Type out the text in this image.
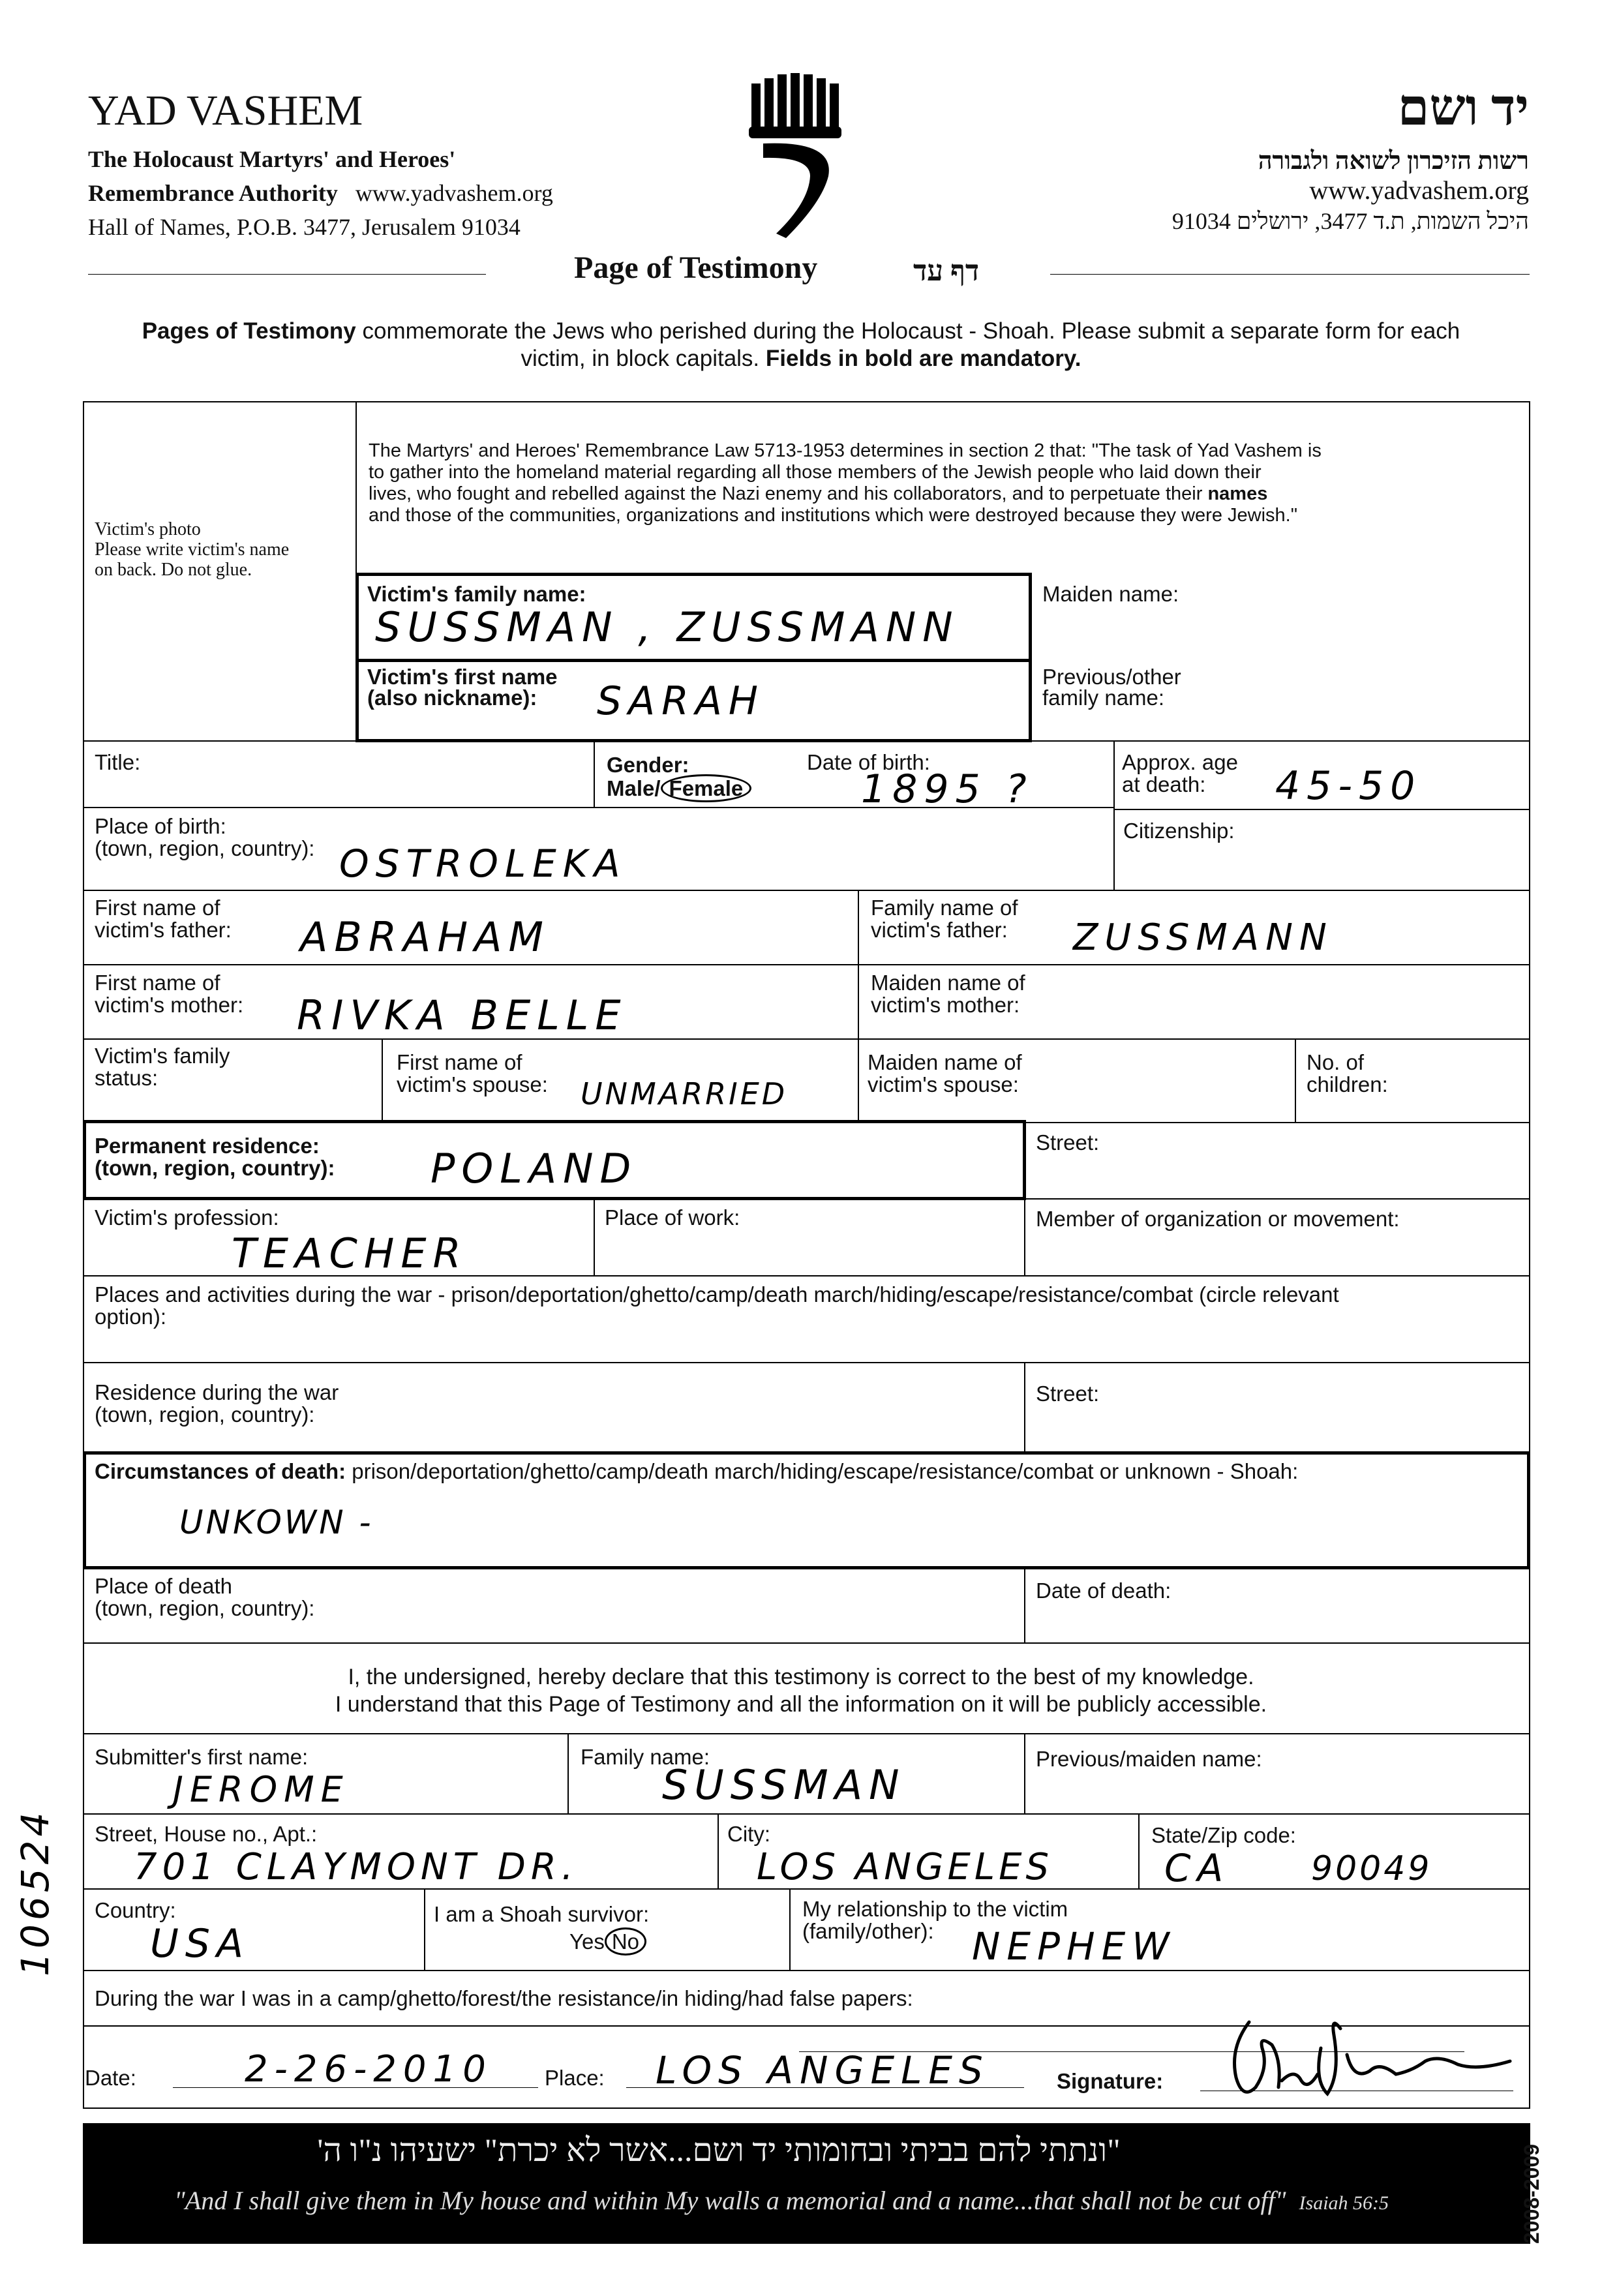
YAD VASHEM
The Holocaust Martyrs' and Heroes'
Remembrance Authority www.yadvashem.org
Hall of Names, P.O.B. 3477, Jerusalem 91034
יד ושם
רשות הזיכרון לשואה ולגבורה
www.yadvashem.org
היכל השמות, ת.ד 3477, ירושלים 91034
Page of Testimony	דף עד
Pages of Testimony commemorate the Jews who perished during the Holocaust - Shoah. Please submit a separate form for each
victim, in block capitals. Fields in bold are mandatory.
Victim's photo
Please write victim's name
on back. Do not glue.
The Martyrs' and Heroes' Remembrance Law 5713-1953 determines in section 2 that: "The task of Yad Vashem is
to gather into the homeland material regarding all those members of the Jewish people who laid down their
lives, who fought and rebelled against the Nazi enemy and his collaborators, and to perpetuate their names
and those of the communities, organizations and institutions which were destroyed because they were Jewish."
Victim's family name:
SUSSMAN , ZUSSMANN
Maiden name:
Victim's first name
(also nickname):	SARAH
Previous/other
family name:
Title:	Gender:
Male/ Female
Date of birth:
1895 ?
Approx. age
at death:	45-50
Place of birth:
(town, region, country): OSTROLEKA
Citizenship:
First name of
victim's father: ABRAHAM
Family name of
victim's father: ZUSSMANN
First name of
victim's mother: RIVKA BELLE
Maiden name of
victim's mother:
Victim's family
status:
First name of
victim's spouse: UNMARRIED
Maiden name of
victim's spouse:
No. of
children:
Permanent residence:
(town, region, country): POLAND
Street:
Victim's profession:
TEACHER
Place of work:	Member of organization or movement:
Places and activities during the war - prison/deportation/ghetto/camp/death march/hiding/escape/resistance/combat (circle relevant
option):
Residence during the war
(town, region, country):
Street:
Circumstances of death: prison/deportation/ghetto/camp/death march/hiding/escape/resistance/combat or unknown - Shoah:
UNKOWN -
Place of death
(town, region, country):
Date of death:
I, the undersigned, hereby declare that this testimony is correct to the best of my knowledge.
I understand that this Page of Testimony and all the information on it will be publicly accessible.
Submitter's first name:
JEROME
Family name:
SUSSMAN
Previous/maiden name:
Street, House no., Apt.:
701 CLAYMONT DR.
City:
LOS ANGELES
State/Zip code:
CA 90049
Country:
USA
I am a Shoah survivor:
Yes No
My relationship to the victim
(family/other):	NEPHEW
During the war I was in a camp/ghetto/forest/the resistance/in hiding/had false papers:
Date:	2-26-2010 Place: LOS ANGELES	Signature:
106524
"ונתתי להם בביתי ובחומותי יד ושם...אשר לא יכרת" ישעיהו נ"ו ה'
"And I shall give them in My house and within My walls a memorial and a name...that shall not be cut off" Isaiah 56:5	2008-2009
